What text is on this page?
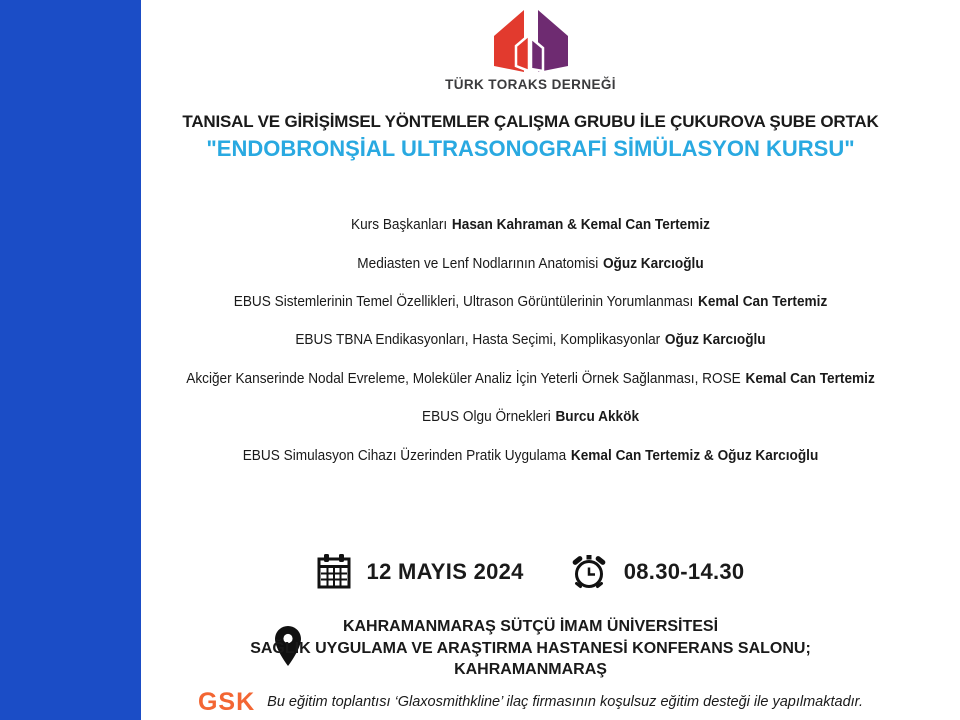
TÜRK TORAKS DERNEĞİ
TANISAL VE GİRİŞİMSEL YÖNTEMLER ÇALIŞMA GRUBU İLE ÇUKUROVA ŞUBE ORTAK
"ENDOBRONŞİAL ULTRASONOGRAFİ SİMÜLASYON KURSU"
Kurs Başkanları Hasan Kahraman & Kemal Can Tertemiz
Mediasten ve Lenf Nodlarının Anatomisi Oğuz Karcıoğlu
EBUS Sistemlerinin Temel Özellikleri, Ultrason Görüntülerinin Yorumlanması Kemal Can Tertemiz
EBUS TBNA Endikasyonları, Hasta Seçimi, Komplikasyonlar Oğuz Karcıoğlu
Akciğer Kanserinde Nodal Evreleme, Moleküler Analiz İçin Yeterli Örnek Sağlanması, ROSE Kemal Can Tertemiz
EBUS Olgu Örnekleri Burcu Akkök
EBUS Simulasyon Cihazı Üzerinden Pratik Uygulama Kemal Can Tertemiz & Oğuz Karcıoğlu
12 MAYIS 2024	08.30-14.30
KAHRAMANMARAŞ SÜTÇÜ İMAM ÜNİVERSİTESİ
SAĞLIK UYGULAMA VE ARAŞTIRMA HASTANESİ KONFERANS SALONU;
KAHRAMANMARAŞ
GSK Bu eğitim toplantısı ‘Glaxosmithkline’ ilaç firmasının koşulsuz eğitim desteği ile yapılmaktadır.
